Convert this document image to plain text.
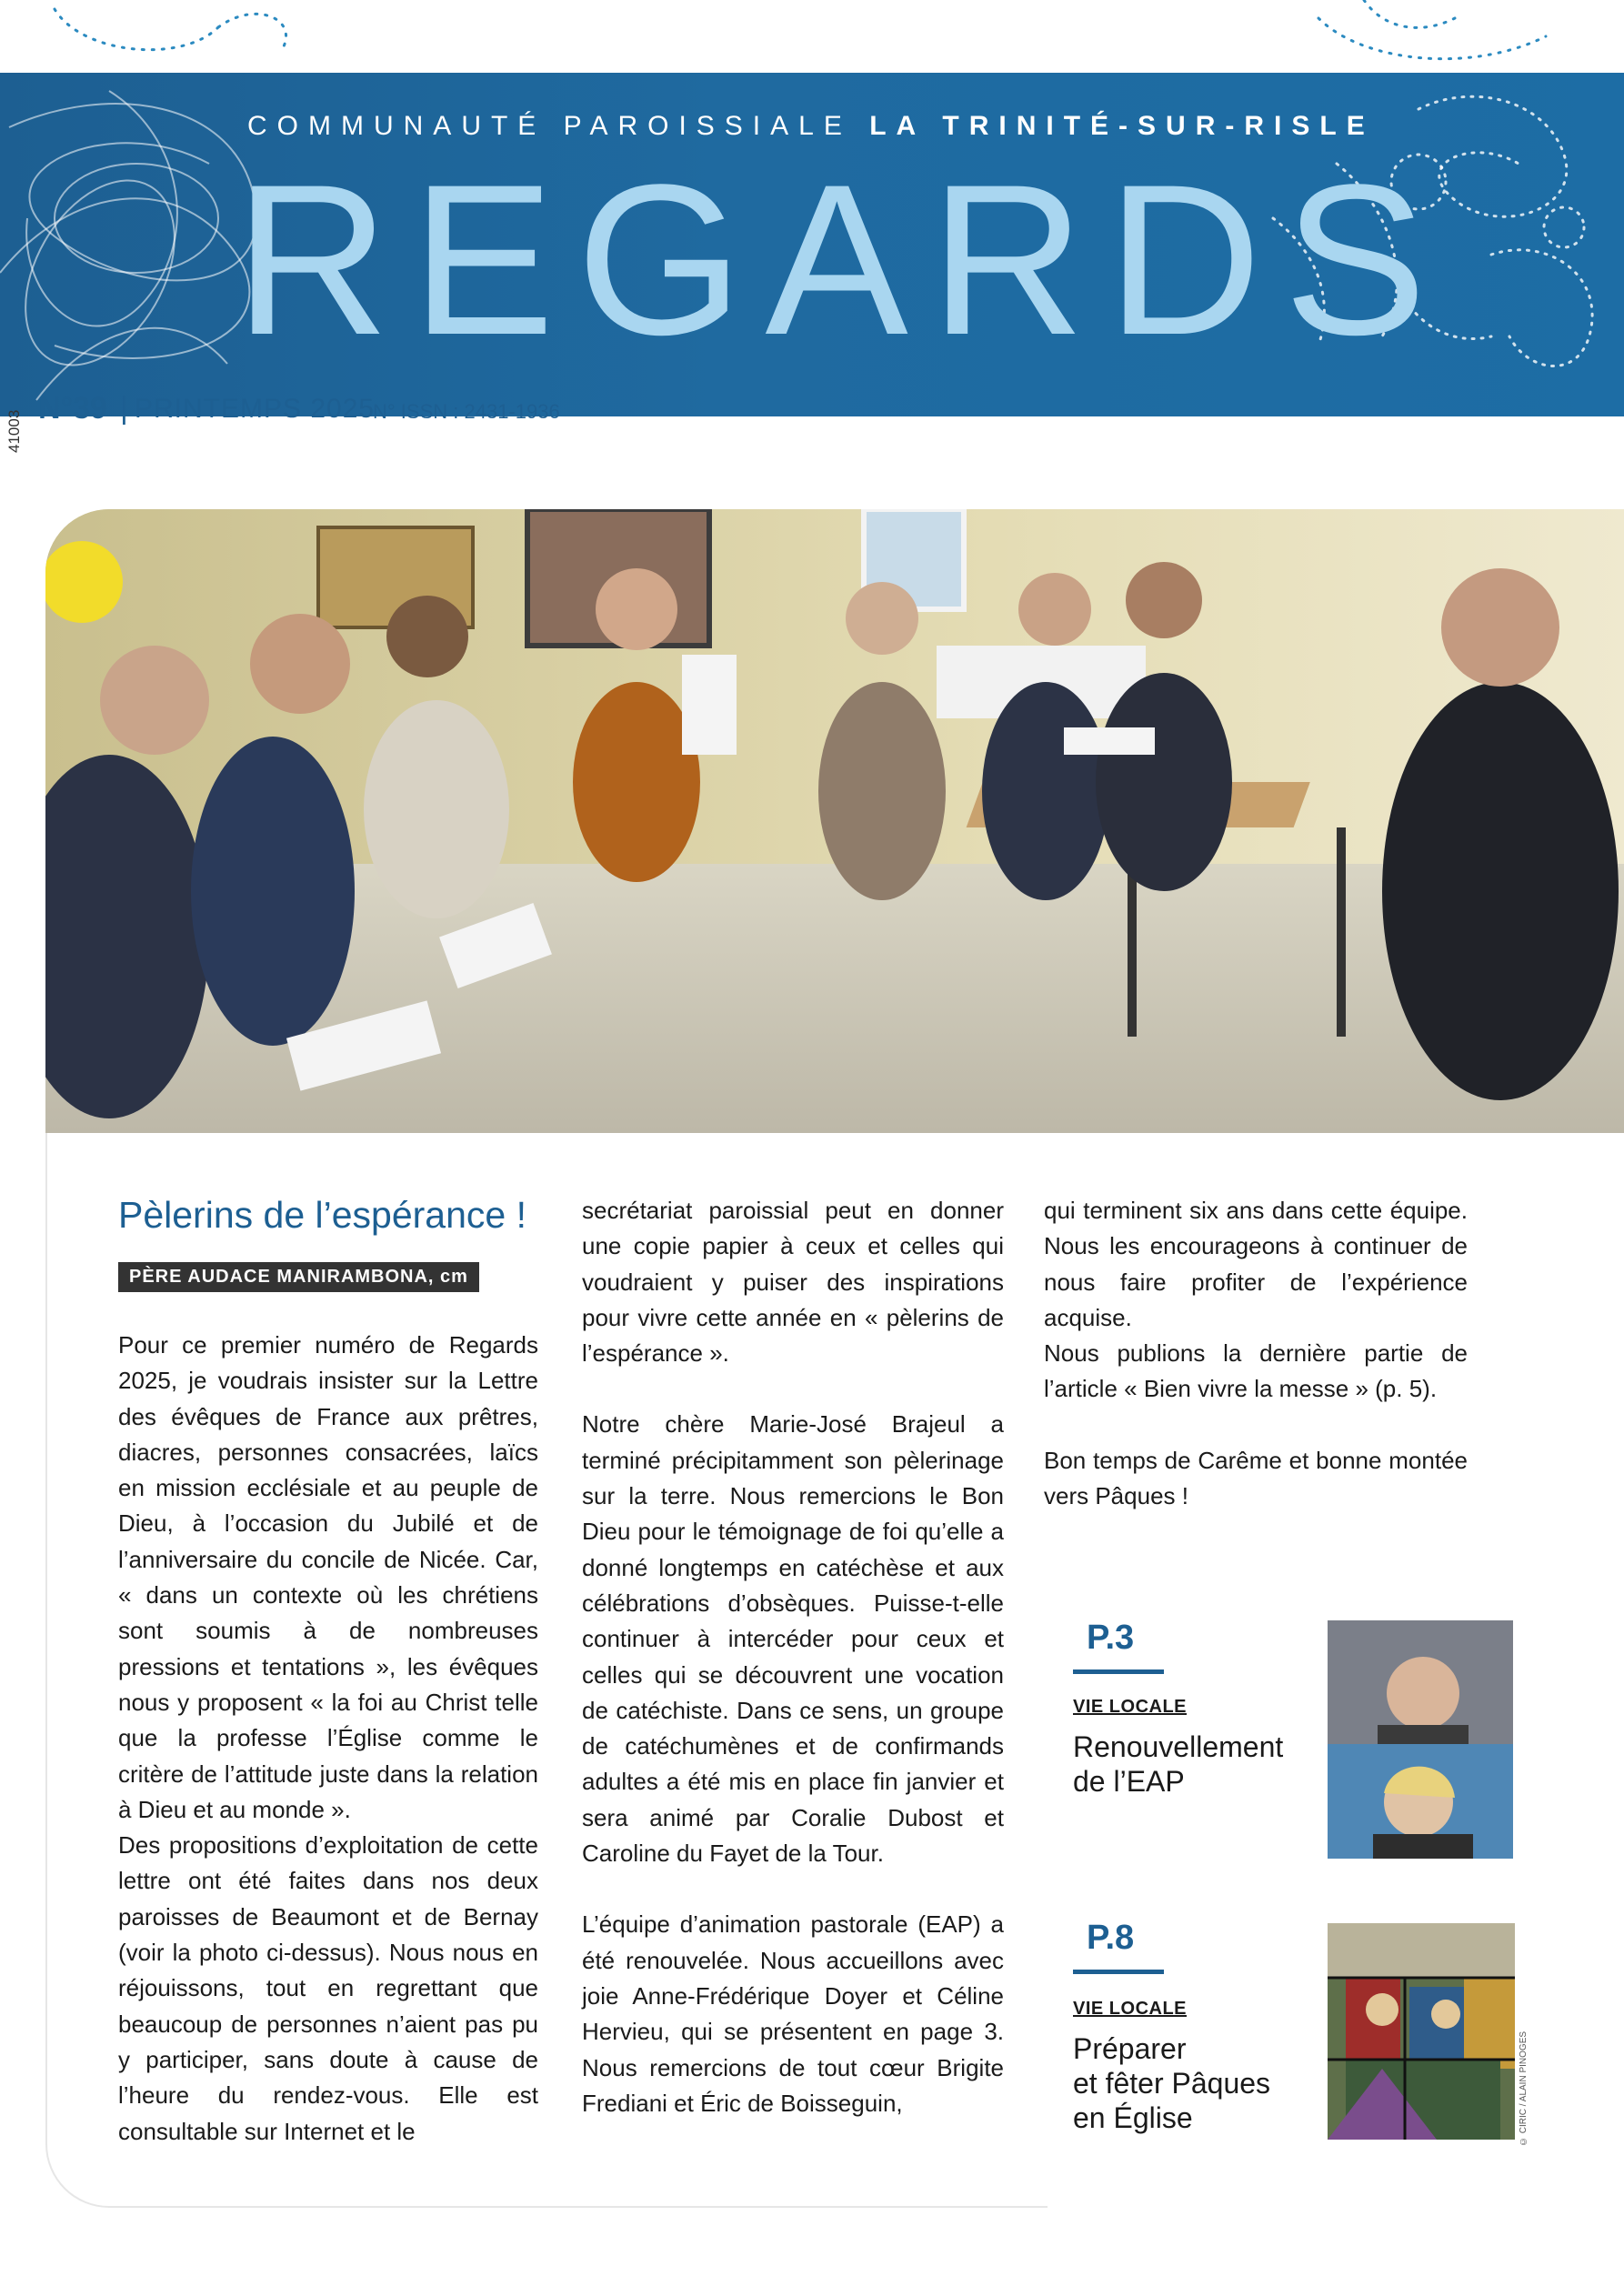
COMMUNAUTÉ PAROISSIALE LA TRINITÉ-SUR-RISLE
REGARDS
41003
N°39 | PRINTEMPS 2025
N° ISSN : 2431-1936
Pèlerins de l’espérance !
PÈRE AUDACE MANIRAMBONA, cm

Pour ce premier numéro de Regards 2025, je voudrais insister sur la Lettre des évêques de France aux prêtres, diacres, personnes consacrées, laïcs en mission ecclésiale et au peuple de Dieu, à l’occasion du Jubilé et de l’anniversaire du concile de Nicée. Car, « dans un contexte où les chrétiens sont soumis à de nombreuses pressions et tentations », les évêques nous y proposent « la foi au Christ telle que la professe l’Église comme le critère de l’attitude juste dans la relation à Dieu et au monde ».

Des propositions d’exploitation de cette lettre ont été faites dans nos deux paroisses de Beaumont et de Bernay (voir la photo ci-dessus). Nous nous en réjouissons, tout en regrettant que beaucoup de personnes n’aient pas pu y participer, sans doute à cause de l’heure du rendez-vous. Elle est consultable sur Internet et le

secrétariat paroissial peut en donner une copie papier à ceux et celles qui voudraient y puiser des inspirations pour vivre cette année en « pèlerins de l’espérance ».

Notre chère Marie-José Brajeul a terminé précipitamment son pèlerinage sur la terre. Nous remercions le Bon Dieu pour le témoignage de foi qu’elle a donné longtemps en catéchèse et aux célébrations d’obsèques. Puisse-t-elle continuer à intercéder pour ceux et celles qui se découvrent une vocation de catéchiste. Dans ce sens, un groupe de catéchumènes et de confirmands adultes a été mis en place fin janvier et sera animé par Coralie Dubost et Caroline du Fayet de la Tour.

L’équipe d’animation pastorale (EAP) a été renouvelée. Nous accueillons avec joie Anne-Frédérique Doyer et Céline Hervieu, qui se présentent en page 3. Nous remercions de tout cœur Brigite Frediani et Éric de Boisseguin,

qui terminent six ans dans cette équipe. Nous les encourageons à continuer de nous faire profiter de l’expérience acquise.

Nous publions la dernière partie de l’article « Bien vivre la messe » (p. 5).

Bon temps de Carême et bonne montée vers Pâques !

P.3
VIE LOCALE
Renouvellement
de l’EAP
P.8
VIE LOCALE
Préparer
et fêter Pâques
en Église	© CIRIC / ALAIN PINOGES
